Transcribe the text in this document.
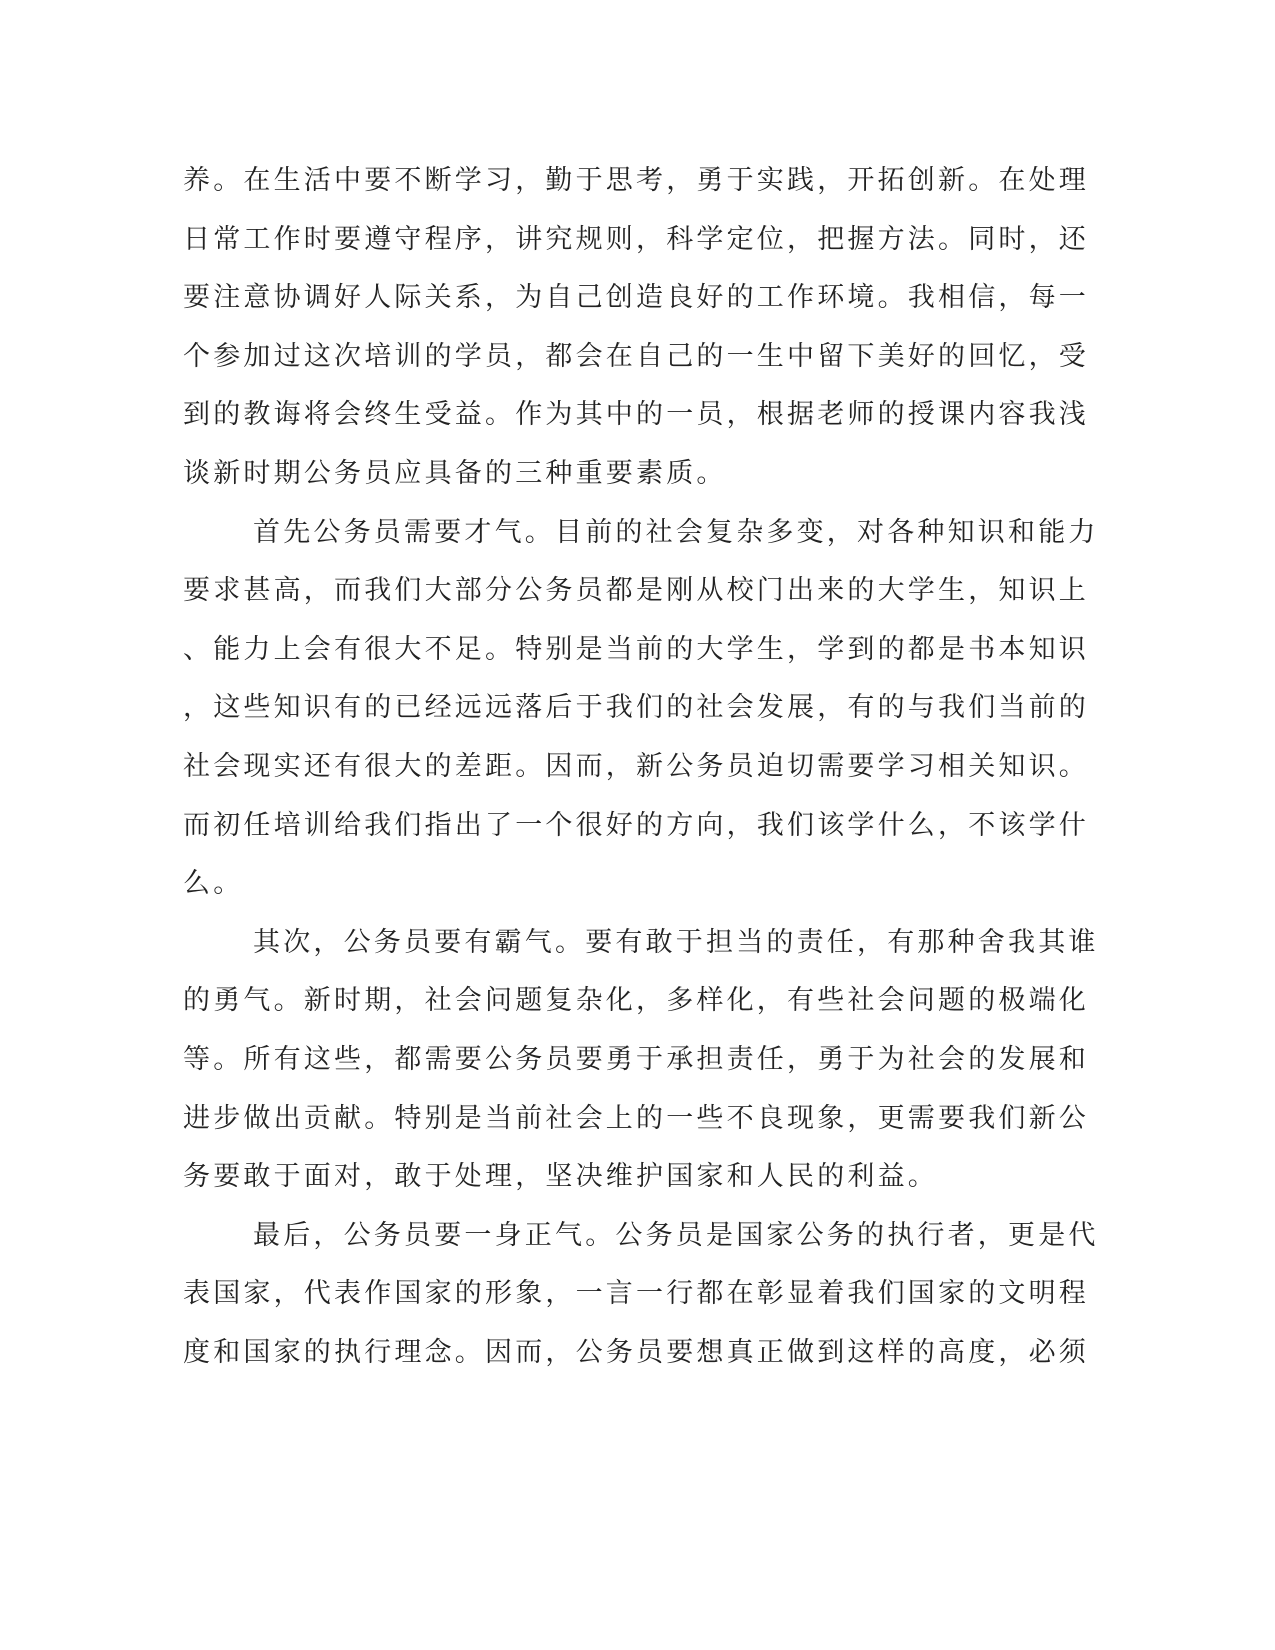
养。在生活中要不断学习，勤于思考，勇于实践，开拓创新。在处理
日常工作时要遵守程序，讲究规则，科学定位，把握方法。同时，还
要注意协调好人际关系，为自己创造良好的工作环境。我相信，每一
个参加过这次培训的学员，都会在自己的一生中留下美好的回忆，受
到的教诲将会终生受益。作为其中的一员，根据老师的授课内容我浅
谈新时期公务员应具备的三种重要素质。
首先公务员需要才气。目前的社会复杂多变，对各种知识和能力
要求甚高，而我们大部分公务员都是刚从校门出来的大学生，知识上
、能力上会有很大不足。特别是当前的大学生，学到的都是书本知识
，这些知识有的已经远远落后于我们的社会发展，有的与我们当前的
社会现实还有很大的差距。因而，新公务员迫切需要学习相关知识。
而初任培训给我们指出了一个很好的方向，我们该学什么，不该学什
么。
其次，公务员要有霸气。要有敢于担当的责任，有那种舍我其谁
的勇气。新时期，社会问题复杂化，多样化，有些社会问题的极端化
等。所有这些，都需要公务员要勇于承担责任，勇于为社会的发展和
进步做出贡献。特别是当前社会上的一些不良现象，更需要我们新公
务要敢于面对，敢于处理，坚决维护国家和人民的利益。
最后，公务员要一身正气。公务员是国家公务的执行者，更是代
表国家，代表作国家的形象，一言一行都在彰显着我们国家的文明程
度和国家的执行理念。因而，公务员要想真正做到这样的高度，必须
